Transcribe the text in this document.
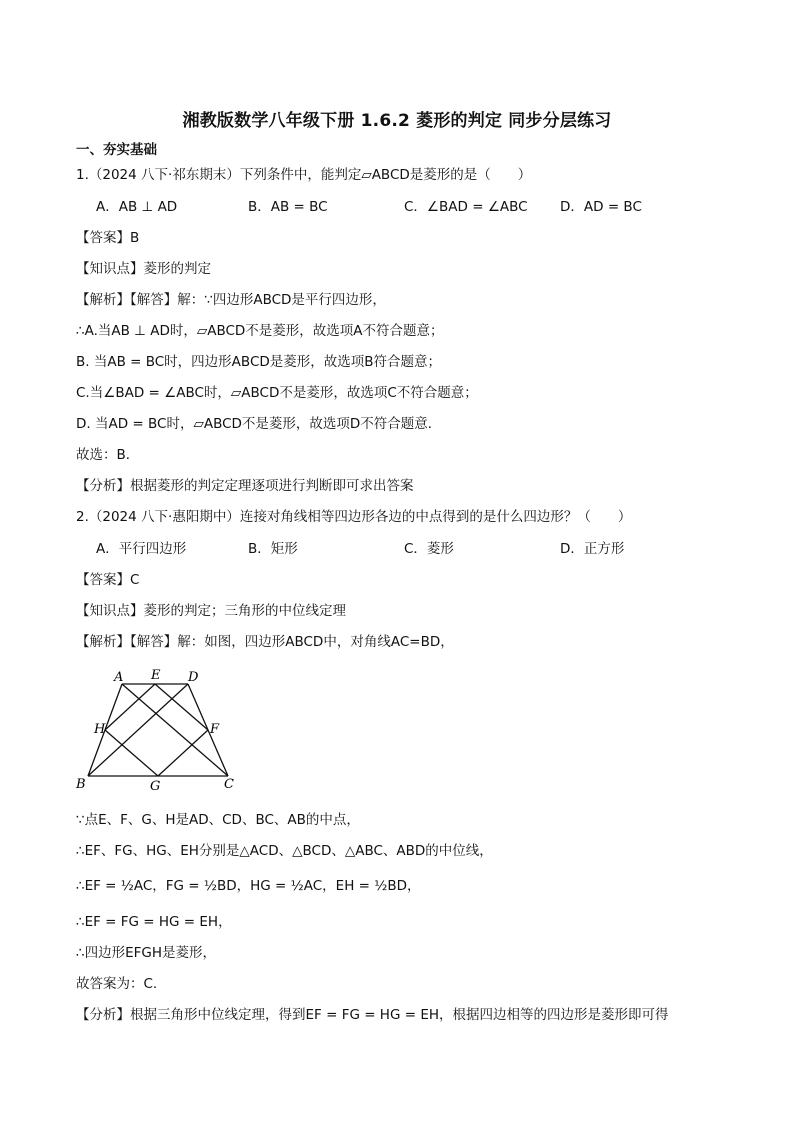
湘教版数学八年级下册 1.6.2 菱形的判定 同步分层练习
一、夯实基础
1.（2024 八下·祁东期末）下列条件中，能判定▱ABCD是菱形的是（　　）
A．AB ⊥ AD	B．AB = BC	C．∠BAD = ∠ABC D．AD = BC
【答案】B
【知识点】菱形的判定
【解析】【解答】解：∵四边形ABCD是平行四边形，
∴A.当AB ⊥ AD时，▱ABCD不是菱形，故选项A不符合题意；
B. 当AB = BC时，四边形ABCD是菱形，故选项B符合题意；
C.当∠BAD = ∠ABC时，▱ABCD不是菱形，故选项C不符合题意；
D. 当AD = BC时，▱ABCD不是菱形，故选项D不符合题意．
故选：B．
【分析】根据菱形的判定定理逐项进行判断即可求出答案
2.（2024 八下·惠阳期中）连接对角线相等四边形各边的中点得到的是什么四边形？（　　）
A．平行四边形	B．矩形	C．菱形	D．正方形
【答案】C
【知识点】菱形的判定；三角形的中位线定理
【解析】【解答】解：如图，四边形ABCD中，对角线AC=BD，
A E D
H	F
B	G	C
∵点E、F、G、H是AD、CD、BC、AB的中点，
∴EF、FG、HG、EH分别是△ACD、△BCD、△ABC、ABD的中位线，
∴EF = ½AC，FG = ½BD，HG = ½AC，EH = ½BD，
∴EF = FG = HG = EH，
∴四边形EFGH是菱形，
故答案为：C.
【分析】根据三角形中位线定理，得到EF = FG = HG = EH，根据四边相等的四边形是菱形即可得
